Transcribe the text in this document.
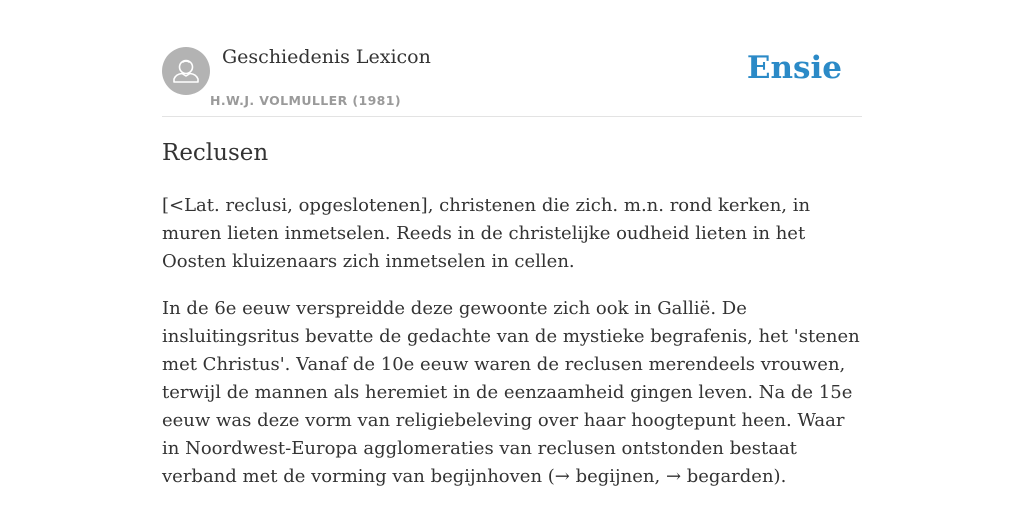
Geschiedenis Lexicon
H.W.J. VOLMULLER (1981)
Ensie
Reclusen

[<Lat. reclusi, opgeslotenen], christenen die zich. m.n. rond kerken, in muren lieten inmetselen. Reeds in de christelijke oudheid lieten in het Oosten kluizenaars zich inmetselen in cellen.

In de 6e eeuw verspreidde deze gewoonte zich ook in Gallië. De insluitingsritus bevatte de gedachte van de mystieke begrafenis, het 'stenen met Christus'. Vanaf de 10e eeuw waren de reclusen merendeels vrouwen, terwijl de mannen als heremiet in de eenzaamheid gingen leven. Na de 15e eeuw was deze vorm van religiebeleving over haar hoogtepunt heen. Waar in Noordwest-Europa agglomeraties van reclusen ontstonden bestaat verband met de vorming van begijnhoven (→ begijnen, → begarden).
